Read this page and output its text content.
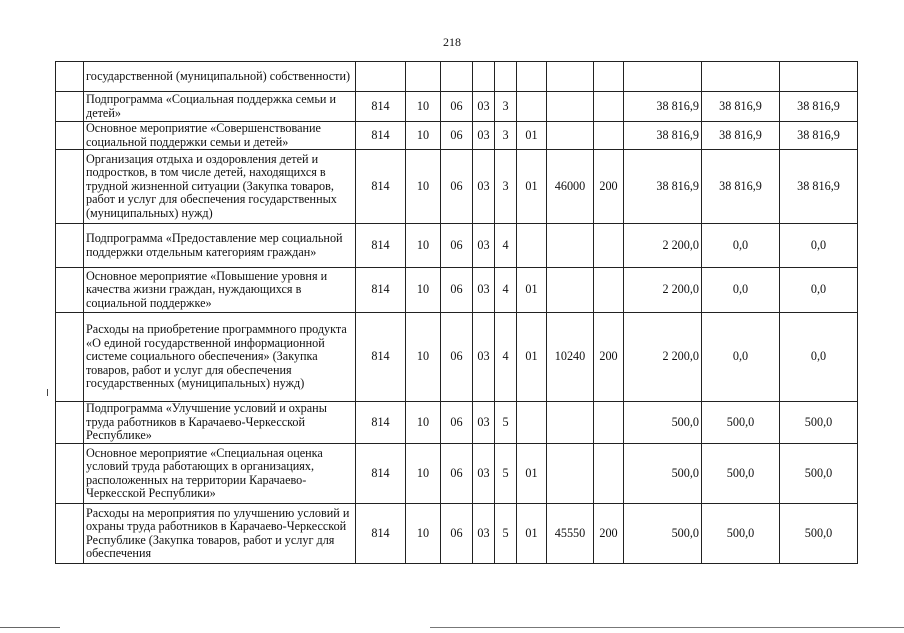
218
	государственной (муниципальной) собственности)											
	Подпрограмма «Социальная поддержка семьи и детей»	814	10	06	03	3				38 816,9	38 816,9	38 816,9
	Основное мероприятие «Совершенствование социальной поддержки семьи и детей»	814	10	06	03	3	01			38 816,9	38 816,9	38 816,9
	Организация отдыха и оздоровления детей и подростков, в том числе детей, находящихся в трудной жизненной ситуации (Закупка товаров, работ и услуг для обеспечения государственных (муниципальных) нужд)	814	10	06	03	3	01	46000	200	38 816,9	38 816,9	38 816,9
	Подпрограмма «Предоставление мер социальной поддержки отдельным категориям граждан»	814	10	06	03	4				2 200,0	0,0	0,0
	Основное мероприятие «Повышение уровня и качества жизни граждан, нуждающихся в социальной поддержке»	814	10	06	03	4	01			2 200,0	0,0	0,0
	Расходы на приобретение программного продукта «О единой государственной информационной системе социального обеспечения» (Закупка товаров, работ и услуг для обеспечения государственных (муниципальных) нужд)	814	10	06	03	4	01	10240	200	2 200,0	0,0	0,0
	Подпрограмма «Улучшение условий и охраны труда работников в Карачаево-Черкесской Республике»	814	10	06	03	5				500,0	500,0	500,0
	Основное мероприятие «Специальная оценка условий труда работающих в организациях, расположенных на территории Карачаево-Черкесской Республики»	814	10	06	03	5	01			500,0	500,0	500,0
	Расходы на мероприятия по улучшению условий и охраны труда работников в Карачаево-Черкесской Республике (Закупка товаров, работ и услуг для обеспечения	814	10	06	03	5	01	45550	200	500,0	500,0	500,0
